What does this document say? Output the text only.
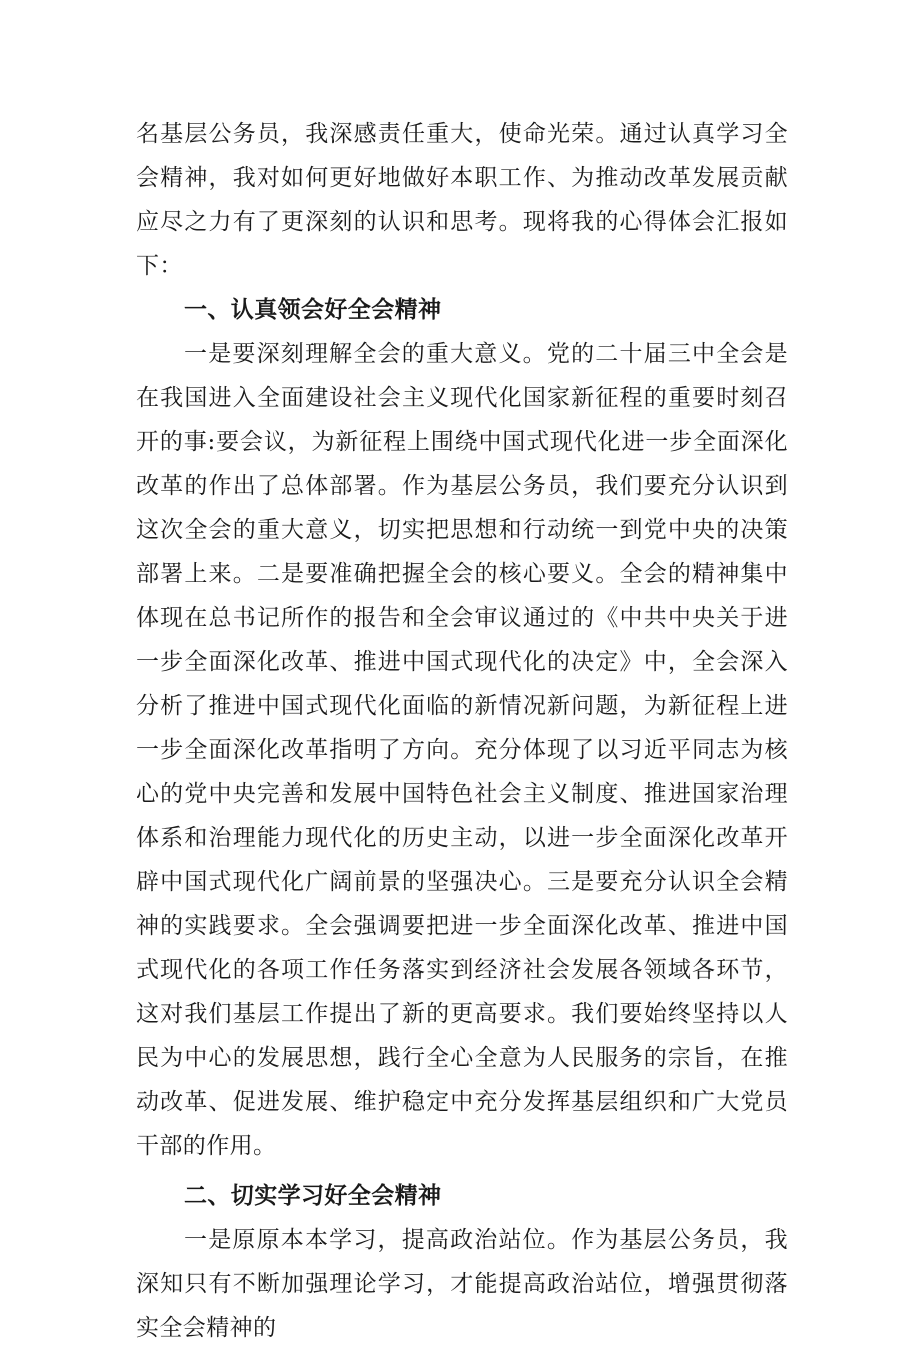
名基层公务员，我深感责任重大，使命光荣。通过认真学习全会精神，我对如何更好地做好本职工作、为推动改革发展贡献应尽之力有了更深刻的认识和思考。现将我的心得体会汇报如下：

一、认真领会好全会精神

一是要深刻理解全会的重大意义。党的二十届三中全会是在我国进入全面建设社会主义现代化国家新征程的重要时刻召开的事:要会议，为新征程上围绕中国式现代化进一步全面深化改革的作出了总体部署。作为基层公务员，我们要充分认识到这次全会的重大意义，切实把思想和行动统一到党中央的决策部署上来。二是要准确把握全会的核心要义。全会的精神集中体现在总书记所作的报告和全会审议通过的《中共中央关于进一步全面深化改革、推进中国式现代化的决定》中，全会深入分析了推进中国式现代化面临的新情况新问题，为新征程上进一步全面深化改革指明了方向。充分体现了以习近平同志为核心的党中央完善和发展中国特色社会主义制度、推进国家治理体系和治理能力现代化的历史主动，以进一步全面深化改革开辟中国式现代化广阔前景的坚强决心。三是要充分认识全会精神的实践要求。全会强调要把进一步全面深化改革、推进中国式现代化的各项工作任务落实到经济社会发展各领域各环节，这对我们基层工作提出了新的更高要求。我们要始终坚持以人民为中心的发展思想，践行全心全意为人民服务的宗旨，在推动改革、促进发展、维护稳定中充分发挥基层组织和广大党员干部的作用。

二、切实学习好全会精神

一是原原本本学习，提高政治站位。作为基层公务员，我深知只有不断加强理论学习，才能提高政治站位，增强贯彻落实全会精神的
